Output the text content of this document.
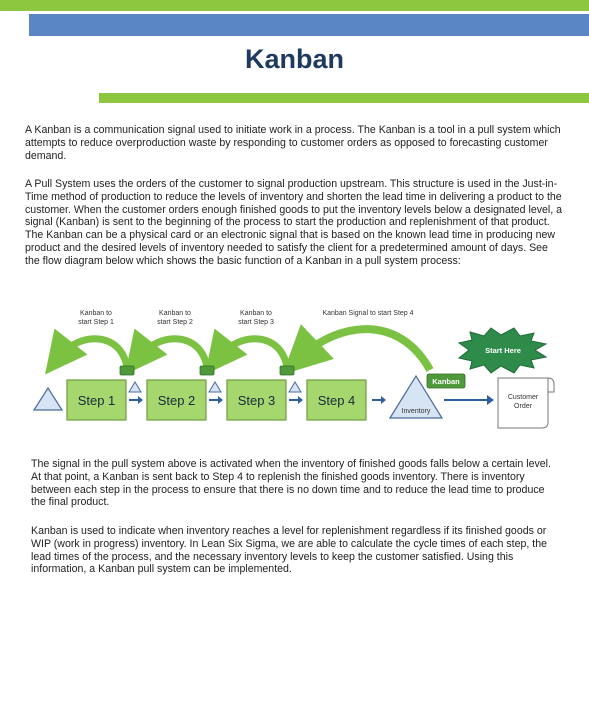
Kanban
A Kanban is a communication signal used to initiate work in a process. The Kanban is a tool in a pull system which attempts to reduce overproduction waste by responding to customer orders as opposed to forecasting customer demand.
A Pull System uses the orders of the customer to signal production upstream. This structure is used in the Just-in-Time method of production to reduce the levels of inventory and shorten the lead time in delivering a product to the customer. When the customer orders enough finished goods to put the inventory levels below a designated level, a signal (Kanban) is sent to the beginning of the process to start the production and replenishment of that product. The Kanban can be a physical card or an electronic signal that is based on the known lead time in producing new product and the desired levels of inventory needed to satisfy the client for a predetermined amount of days. See the flow diagram below which shows the basic function of a Kanban in a pull system process:
Kanban to
start Step 1
Kanban to
start Step 2
Kanban to
start Step 3
Kanban Signal to start Step 4
Step 1	Step 2	Step 3	Step 4
Inventory
Kanban
Start Here
Customer
Order
The signal in the pull system above is activated when the inventory of finished goods falls below a certain level. At that point, a Kanban is sent back to Step 4 to replenish the finished goods inventory. There is inventory between each step in the process to ensure that there is no down time and to reduce the lead time to produce the final product.
Kanban is used to indicate when inventory reaches a level for replenishment regardless if its finished goods or WIP (work in progress) inventory. In Lean Six Sigma, we are able to calculate the cycle times of each step, the lead times of the process, and the necessary inventory levels to keep the customer satisfied. Using this information, a Kanban pull system can be implemented.
